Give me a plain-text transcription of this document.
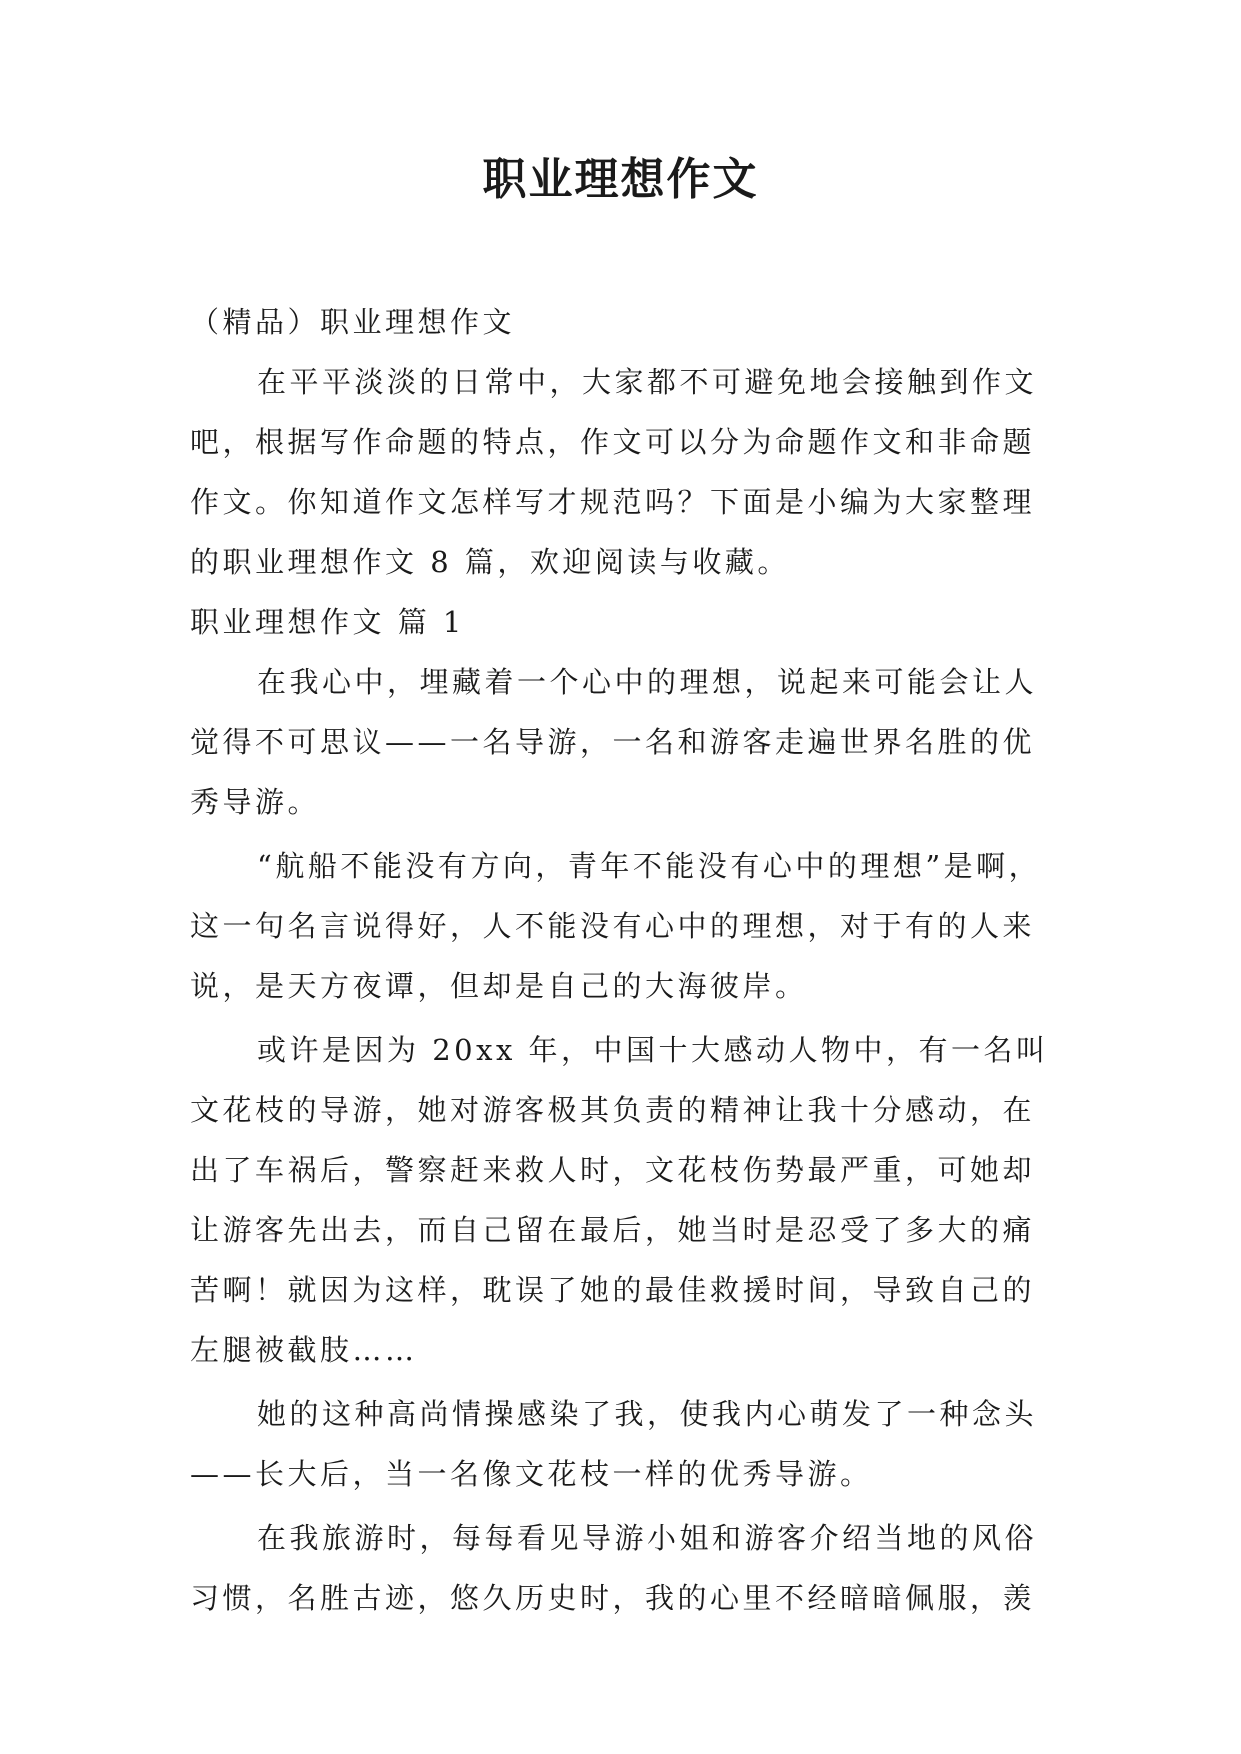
职业理想作文
（精品）职业理想作文
在平平淡淡的日常中，大家都不可避免地会接触到作文
吧，根据写作命题的特点，作文可以分为命题作文和非命题
作文。你知道作文怎样写才规范吗？下面是小编为大家整理
的职业理想作文 8 篇，欢迎阅读与收藏。
职业理想作文 篇 1
在我心中，埋藏着一个心中的理想，说起来可能会让人
觉得不可思议——一名导游，一名和游客走遍世界名胜的优
秀导游。
“航船不能没有方向，青年不能没有心中的理想”是啊，
这一句名言说得好，人不能没有心中的理想，对于有的人来
说，是天方夜谭，但却是自己的大海彼岸。
或许是因为 20xx 年，中国十大感动人物中，有一名叫
文花枝的导游，她对游客极其负责的精神让我十分感动，在
出了车祸后，警察赶来救人时，文花枝伤势最严重，可她却
让游客先出去，而自己留在最后，她当时是忍受了多大的痛
苦啊！就因为这样，耽误了她的最佳救援时间，导致自己的
左腿被截肢……
她的这种高尚情操感染了我，使我内心萌发了一种念头
——长大后，当一名像文花枝一样的优秀导游。
在我旅游时，每每看见导游小姐和游客介绍当地的风俗
习惯，名胜古迹，悠久历史时，我的心里不经暗暗佩服，羡
